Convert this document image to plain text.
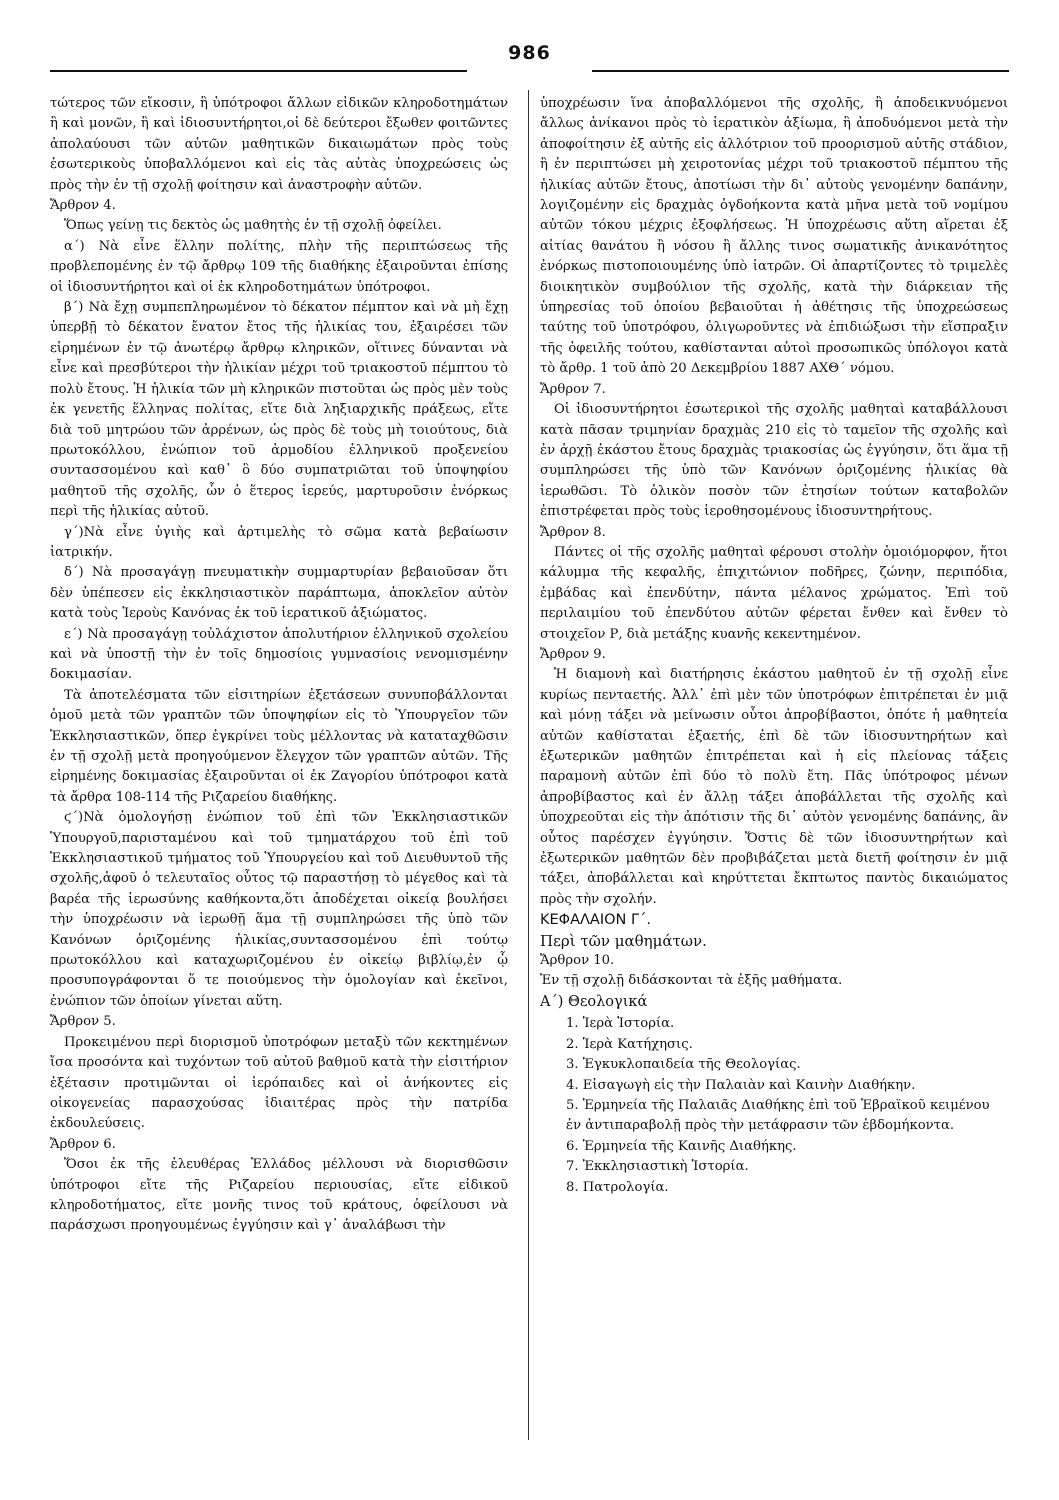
986

τώτερος τῶν εἴκοσιν, ἢ ὑπότροφοι ἄλλων εἰδικῶν κληροδοτημάτων ἢ καὶ μονῶν, ἢ καὶ ἰδιοσυντήρητοι,οἱ δὲ δεύτεροι ἔξωθεν φοιτῶντες ἀπολαύουσι τῶν αὐτῶν μαθητικῶν δικαιωμάτων πρὸς τοὺς ἐσωτερικοὺς ὑποβαλλόμενοι καὶ εἰς τὰς αὐτὰς ὑποχρεώσεις ὡς πρὸς τὴν ἐν τῇ σχολῇ φοίτησιν καὶ ἀναστροφὴν αὐτῶν.

Ἄρθρον 4.

Ὅπως γείνῃ τις δεκτὸς ὡς μαθητὴς ἐν τῇ σχολῇ ὀφείλει.

α΄) Νὰ εἶνε ἕλλην πολίτης, πλὴν τῆς περιπτώσεως τῆς προβλεπομένης ἐν τῷ ἄρθρῳ 109 τῆς διαθήκης ἐξαιροῦνται ἐπίσης οἱ ἰδιοσυντήρητοι καὶ οἱ ἐκ κληροδοτημάτων ὑπότροφοι.

β΄) Νὰ ἔχῃ συμπεπληρωμένον τὸ δέκατον πέμπτον καὶ νὰ μὴ ἔχῃ ὑπερβῇ τὸ δέκατον ἔνατον ἔτος τῆς ἡλικίας του, ἐξαιρέσει τῶν εἰρημένων ἐν τῷ ἀνωτέρῳ ἄρθρῳ κληρικῶν, οἵτινες δύνανται νὰ εἶνε καὶ πρεσβύτεροι τὴν ἡλικίαν μέχρι τοῦ τριακοστοῦ πέμπτου τὸ πολὺ ἔτους. Ἡ ἡλικία τῶν μὴ κληρικῶν πιστοῦται ὡς πρὸς μὲν τοὺς ἐκ γενετῆς ἕλληνας πολίτας, εἴτε διὰ ληξιαρχικῆς πράξεως, εἴτε διὰ τοῦ μητρώου τῶν ἀρρένων, ὡς πρὸς δὲ τοὺς μὴ τοιούτους, διὰ πρωτοκόλλου, ἐνώπιον τοῦ ἁρμοδίου ἑλληνικοῦ προξενείου συντασσομένου καὶ καθ᾽ ὃ δύο συμπατριῶται τοῦ ὑποψηφίου μαθητοῦ τῆς σχολῆς, ὧν ὁ ἕτερος ἱερεύς, μαρτυροῦσιν ἐνόρκως περὶ τῆς ἡλικίας αὐτοῦ.

γ΄)Νὰ εἶνε ὑγιὴς καὶ ἀρτιμελὴς τὸ σῶμα κατὰ βεβαίωσιν ἰατρικήν.

δ΄) Νὰ προσαγάγῃ πνευματικὴν συμμαρτυρίαν βεβαιοῦσαν ὅτι δὲν ὑπέπεσεν εἰς ἐκκλησιαστικὸν παράπτωμα, ἀποκλεῖον αὐτὸν κατὰ τοὺς Ἱεροὺς Κανόνας ἐκ τοῦ ἱερατικοῦ ἀξιώματος.

ε΄) Νὰ προσαγάγῃ τοὐλάχιστον ἀπολυτήριον ἑλληνικοῦ σχολείου καὶ νὰ ὑποστῇ τὴν ἐν τοῖς δημοσίοις γυμνασίοις νενομισμένην δοκιμασίαν.

Τὰ ἀποτελέσματα τῶν εἰσιτηρίων ἐξετάσεων συνυποβάλλονται ὁμοῦ μετὰ τῶν γραπτῶν τῶν ὑποψηφίων εἰς τὸ Ὑπουργεῖον τῶν Ἐκκλησιαστικῶν, ὅπερ ἐγκρίνει τοὺς μέλλοντας νὰ καταταχθῶσιν ἐν τῇ σχολῇ μετὰ προηγούμενον ἔλεγχον τῶν γραπτῶν αὐτῶν. Τῆς εἰρημένης δοκιμασίας ἐξαιροῦνται οἱ ἐκ Ζαγορίου ὑπότροφοι κατὰ τὰ ἄρθρα 108-114 τῆς Ριζαρείου διαθήκης.

ϛ΄)Νὰ ὁμολογήσῃ ἐνώπιον τοῦ ἐπὶ τῶν Ἐκκλησιαστικῶν Ὑπουργοῦ,παρισταμένου καὶ τοῦ τμηματάρχου τοῦ ἐπὶ τοῦ Ἐκκλησιαστικοῦ τμήματος τοῦ Ὑπουργείου καὶ τοῦ Διευθυντοῦ τῆς σχολῆς,ἀφοῦ ὁ τελευταῖος οὗτος τῷ παραστήσῃ τὸ μέγεθος καὶ τὰ βαρέα τῆς ἱερωσύνης καθήκοντα,ὅτι ἀποδέχεται οἰκείᾳ βουλήσει τὴν ὑποχρέωσιν νὰ ἱερωθῇ ἅμα τῇ συμπληρώσει τῆς ὑπὸ τῶν Κανόνων ὁριζομένης ἡλικίας,συντασσομένου ἐπὶ τούτῳ πρωτοκόλλου καὶ καταχωριζομένου ἐν οἰκείῳ βιβλίῳ,ἐν ᾧ προσυπογράφονται ὅ τε ποιούμενος τὴν ὁμολογίαν καὶ ἐκεῖνοι, ἐνώπιον τῶν ὁποίων γίνεται αὕτη.

Ἄρθρον 5.

Προκειμένου περὶ διορισμοῦ ὑποτρόφων μεταξὺ τῶν κεκτημένων ἴσα προσόντα καὶ τυχόντων τοῦ αὐτοῦ βαθμοῦ κατὰ τὴν εἰσιτήριον ἐξέτασιν προτιμῶνται οἱ ἱερόπαιδες καὶ οἱ ἀνήκοντες εἰς οἰκογενείας παρασχούσας ἰδιαιτέρας πρὸς τὴν πατρίδα ἐκδουλεύσεις.

Ἄρθρον 6.

Ὅσοι ἐκ τῆς ἐλευθέρας Ἑλλάδος μέλλουσι νὰ διορισθῶσιν ὑπότροφοι εἴτε τῆς Ριζαρείου περιουσίας, εἴτε εἰδικοῦ κληροδοτήματος, εἴτε μονῆς τινος τοῦ κράτους, ὀφείλουσι νὰ παράσχωσι προηγουμένως ἐγγύησιν καὶ γ᾽ ἀναλάβωσι τὴν

ὑποχρέωσιν ἵνα ἀποβαλλόμενοι τῆς σχολῆς, ἢ ἀποδεικνυόμενοι ἄλλως ἀνίκανοι πρὸς τὸ ἱερατικὸν ἀξίωμα, ἢ ἀποδυόμενοι μετὰ τὴν ἀποφοίτησιν ἐξ αὐτῆς εἰς ἀλλότριον τοῦ προορισμοῦ αὐτῆς στάδιον, ἢ ἐν περιπτώσει μὴ χειροτονίας μέχρι τοῦ τριακοστοῦ πέμπτου τῆς ἡλικίας αὐτῶν ἔτους, ἀποτίωσι τὴν δι᾽ αὐτοὺς γενομένην δαπάνην, λογιζομένην εἰς δραχμὰς ὀγδοήκοντα κατὰ μῆνα μετὰ τοῦ νομίμου αὐτῶν τόκου μέχρις ἐξοφλήσεως. Ἡ ὑποχρέωσις αὕτη αἴρεται ἐξ αἰτίας θανάτου ἢ νόσου ἢ ἄλλης τινος σωματικῆς ἀνικανότητος ἐνόρκως πιστοποιουμένης ὑπὸ ἰατρῶν. Οἱ ἀπαρτίζοντες τὸ τριμελὲς διοικητικὸν συμβούλιον τῆς σχολῆς, κατὰ τὴν διάρκειαν τῆς ὑπηρεσίας τοῦ ὁποίου βεβαιοῦται ἡ ἀθέτησις τῆς ὑποχρεώσεως ταύτης τοῦ ὑποτρόφου, ὀλιγωροῦντες νὰ ἐπιδιώξωσι τὴν εἴσπραξιν τῆς ὀφειλῆς τούτου, καθίστανται αὐτοὶ προσωπικῶς ὑπόλογοι κατὰ τὸ ἄρθρ. 1 τοῦ ἀπὸ 20 Δεκεμβρίου 1887 ΑΧΘ΄ νόμου.

Ἄρθρον 7.

Οἱ ἰδιοσυντήρητοι ἐσωτερικοὶ τῆς σχολῆς μαθηταὶ καταβάλλουσι κατὰ πᾶσαν τριμηνίαν δραχμὰς 210 εἰς τὸ ταμεῖον τῆς σχολῆς καὶ ἐν ἀρχῇ ἑκάστου ἔτους δραχμὰς τριακοσίας ὡς ἐγγύησιν, ὅτι ἅμα τῇ συμπληρώσει τῆς ὑπὸ τῶν Κανόνων ὁριζομένης ἡλικίας θὰ ἱερωθῶσι. Τὸ ὁλικὸν ποσὸν τῶν ἐτησίων τούτων καταβολῶν ἐπιστρέφεται πρὸς τοὺς ἱεροθησομένους ἰδιοσυντηρήτους.

Ἄρθρον 8.

Πάντες οἱ τῆς σχολῆς μαθηταὶ φέρουσι στολὴν ὁμοιόμορφον, ἤτοι κάλυμμα τῆς κεφαλῆς, ἐπιχιτώνιον ποδῆρες, ζώνην, περιπόδια, ἐμβάδας καὶ ἐπενδύτην, πάντα μέλανος χρώματος. Ἐπὶ τοῦ περιλαιμίου τοῦ ἐπενδύτου αὐτῶν φέρεται ἔνθεν καὶ ἔνθεν τὸ στοιχεῖον Ρ, διὰ μετάξης κυανῆς κεκεντημένον.

Ἄρθρον 9.

Ἡ διαμονὴ καὶ διατήρησις ἑκάστου μαθητοῦ ἐν τῇ σχολῇ εἶνε κυρίως πενταετής. Ἀλλ᾽ ἐπὶ μὲν τῶν ὑποτρόφων ἐπιτρέπεται ἐν μιᾷ καὶ μόνῃ τάξει νὰ μείνωσιν οὗτοι ἀπροβίβαστοι, ὁπότε ἡ μαθητεία αὐτῶν καθίσταται ἑξαετής, ἐπὶ δὲ τῶν ἰδιοσυντηρήτων καὶ ἐξωτερικῶν μαθητῶν ἐπιτρέπεται καὶ ἡ εἰς πλείονας τάξεις παραμονὴ αὐτῶν ἐπὶ δύο τὸ πολὺ ἔτη. Πᾶς ὑπότροφος μένων ἀπροβίβαστος καὶ ἐν ἄλλῃ τάξει ἀποβάλλεται τῆς σχολῆς καὶ ὑποχρεοῦται εἰς τὴν ἀπότισιν τῆς δι᾽ αὐτὸν γενομένης δαπάνης, ἂν οὗτος παρέσχεν ἐγγύησιν. Ὅστις δὲ τῶν ἰδιοσυντηρήτων καὶ ἐξωτερικῶν μαθητῶν δὲν προβιβάζεται μετὰ διετῆ φοίτησιν ἐν μιᾷ τάξει, ἀποβάλλεται καὶ κηρύττεται ἔκπτωτος παντὸς δικαιώματος πρὸς τὴν σχολήν.

ΚΕΦΑΛΑΙΟΝ Γ΄.

Περὶ τῶν μαθημάτων.

Ἄρθρον 10.

Ἐν τῇ σχολῇ διδάσκονται τὰ ἑξῆς μαθήματα.

Α΄) Θεολογικά

1. Ἱερὰ Ἱστορία.
2. Ἱερὰ Κατήχησις.
3. Ἐγκυκλοπαιδεία τῆς Θεολογίας.
4. Εἰσαγωγὴ εἰς τὴν Παλαιὰν καὶ Καινὴν Διαθήκην.
5. Ἑρμηνεία τῆς Παλαιᾶς Διαθήκης ἐπὶ τοῦ Ἑβραϊκοῦ κειμένου ἐν ἀντιπαραβολῇ πρὸς τὴν μετάφρασιν τῶν ἑβδομήκοντα.
6. Ἑρμηνεία τῆς Καινῆς Διαθήκης.
7. Ἐκκλησιαστικὴ Ἱστορία.
8. Πατρολογία.
